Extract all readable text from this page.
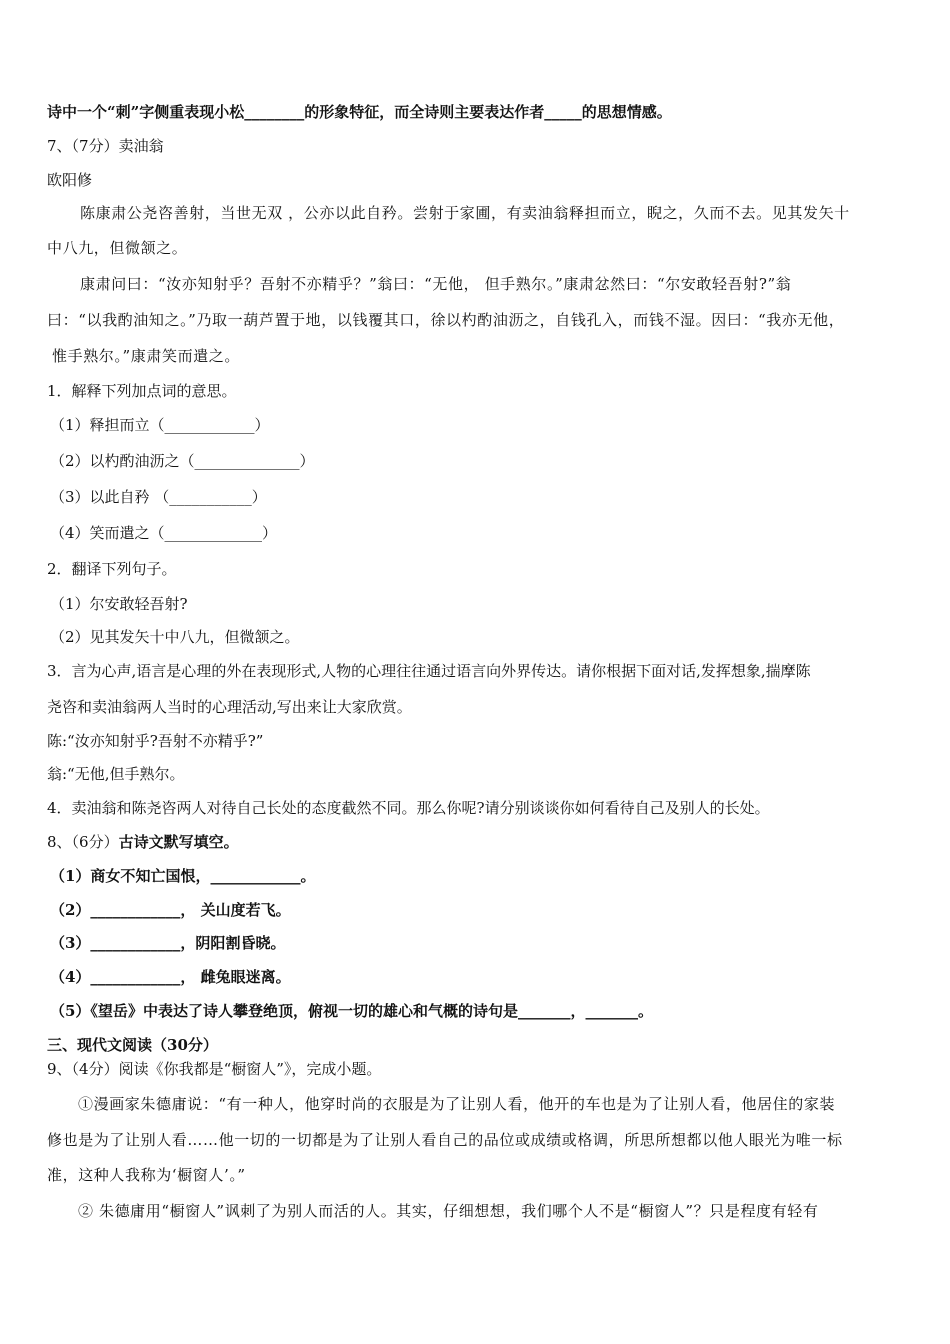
诗中一个“刺”字侧重表现小松________的形象特征，而全诗则主要表达作者_____的思想情感。
7、（7分）卖油翁
欧阳修
陈康肃公尧咨善射，当世无双 ，公亦以此自矜。尝射于家圃，有卖油翁释担而立，睨之，久而不去。见其发矢十
中八九，但微颔之。
康肃问曰：“汝亦知射乎？吾射不亦精乎？”翁曰：“无他， 但手熟尔。”康肃忿然曰：“尔安敢轻吾射?”翁
曰：“以我酌油知之。”乃取一葫芦置于地，以钱覆其口，徐以杓酌油沥之，自钱孔入，而钱不湿。因曰：“我亦无他，
惟手熟尔。”康肃笑而遣之。
1．解释下列加点词的意思。
（1）释担而立（____________）
（2）以杓酌油沥之（______________）
（3）以此自矜 （___________）
（4）笑而遣之（_____________）
2．翻译下列句子。
（1）尔安敢轻吾射?
（2）见其发矢十中八九，但微颔之。
3．言为心声,语言是心理的外在表现形式,人物的心理往往通过语言向外界传达。请你根据下面对话,发挥想象,揣摩陈
尧咨和卖油翁两人当时的心理活动,写出来让大家欣赏。
陈:“汝亦知射乎?吾射不亦精乎?”
翁:“无他,但手熟尔。
4．卖油翁和陈尧咨两人对待自己长处的态度截然不同。那么你呢?请分别谈谈你如何看待自己及别人的长处。
8、（6分）古诗文默写填空。
（1）商女不知亡国恨，____________。
（2）____________， 关山度若飞。
（3）____________，阴阳割昏晓。
（4）____________， 雌兔眼迷离。
（5）《望岳》中表达了诗人攀登绝顶，俯视一切的雄心和气概的诗句是_______，_______。
三、现代文阅读（30分）
9、（4分）阅读《你我都是“橱窗人”》，完成小题。
①漫画家朱德庸说：“有一种人，他穿时尚的衣服是为了让别人看，他开的车也是为了让别人看，他居住的家装
修也是为了让别人看……他一切的一切都是为了让别人看自己的品位或成绩或格调，所思所想都以他人眼光为唯一标
准，这种人我称为‘橱窗人’。”
② 朱德庸用“橱窗人”讽刺了为别人而活的人。其实，仔细想想，我们哪个人不是“橱窗人”？只是程度有轻有
